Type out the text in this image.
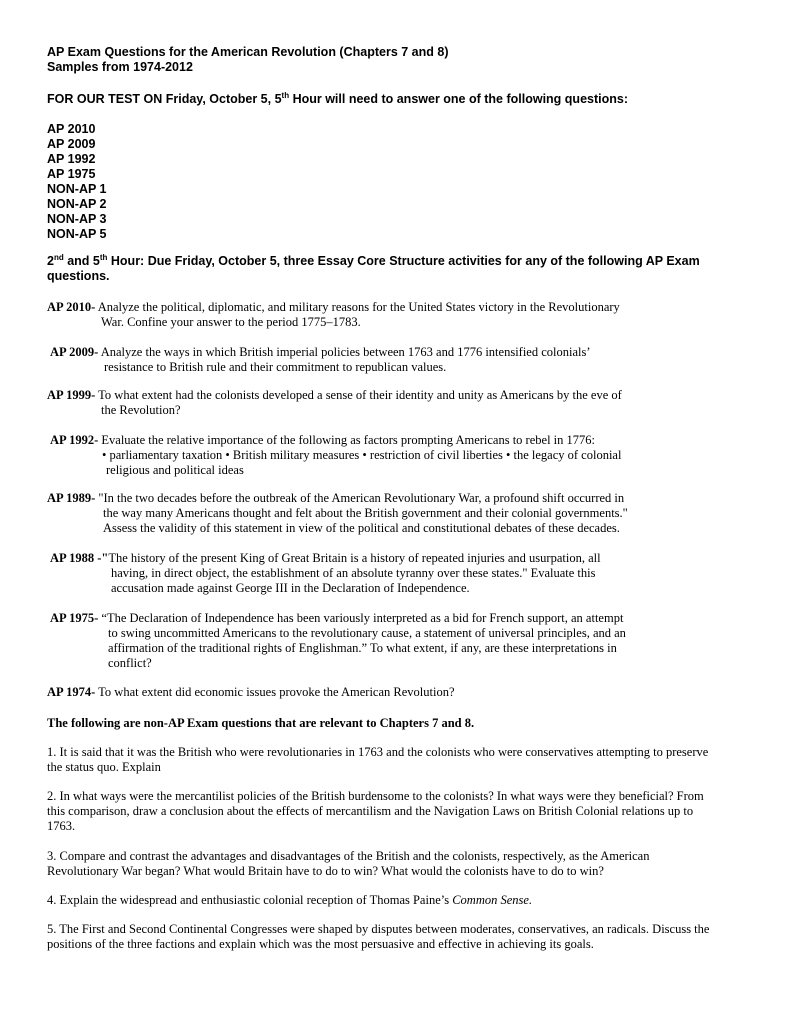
AP Exam Questions for the American Revolution (Chapters 7 and 8)
Samples from 1974-2012
FOR OUR TEST ON Friday, October 5, 5th Hour will need to answer one of the following questions:
AP 2010
AP 2009
AP 1992
AP 1975
NON-AP 1
NON-AP 2
NON-AP 3
NON-AP 5
2nd and 5th Hour: Due Friday, October 5, three Essay Core Structure activities for any of the following AP Exam
questions.
AP 2010- Analyze the political, diplomatic, and military reasons for the United States victory in the Revolutionary
War. Confine your answer to the period 1775–1783.
AP 2009- Analyze the ways in which British imperial policies between 1763 and 1776 intensified colonials’
resistance to British rule and their commitment to republican values.
AP 1999- To what extent had the colonists developed a sense of their identity and unity as Americans by the eve of
the Revolution?
AP 1992- Evaluate the relative importance of the following as factors prompting Americans to rebel in 1776:
• parliamentary taxation • British military measures • restriction of civil liberties • the legacy of colonial
religious and political ideas
AP 1989- "In the two decades before the outbreak of the American Revolutionary War, a profound shift occurred in
the way many Americans thought and felt about the British government and their colonial governments."
Assess the validity of this statement in view of the political and constitutional debates of these decades.
AP 1988 -"The history of the present King of Great Britain is a history of repeated injuries and usurpation, all
having, in direct object, the establishment of an absolute tyranny over these states." Evaluate this
accusation made against George III in the Declaration of Independence.
AP 1975- “The Declaration of Independence has been variously interpreted as a bid for French support, an attempt
to swing uncommitted Americans to the revolutionary cause, a statement of universal principles, and an
affirmation of the traditional rights of Englishman.” To what extent, if any, are these interpretations in
conflict?
AP 1974- To what extent did economic issues provoke the American Revolution?
The following are non-AP Exam questions that are relevant to Chapters 7 and 8.
1. It is said that it was the British who were revolutionaries in 1763 and the colonists who were conservatives attempting to preserve
the status quo. Explain
2. In what ways were the mercantilist policies of the British burdensome to the colonists? In what ways were they beneficial? From
this comparison, draw a conclusion about the effects of mercantilism and the Navigation Laws on British Colonial relations up to
1763.
3. Compare and contrast the advantages and disadvantages of the British and the colonists, respectively, as the American
Revolutionary War began? What would Britain have to do to win? What would the colonists have to do to win?
4. Explain the widespread and enthusiastic colonial reception of Thomas Paine’s Common Sense.
5. The First and Second Continental Congresses were shaped by disputes between moderates, conservatives, an radicals. Discuss the
positions of the three factions and explain which was the most persuasive and effective in achieving its goals.
